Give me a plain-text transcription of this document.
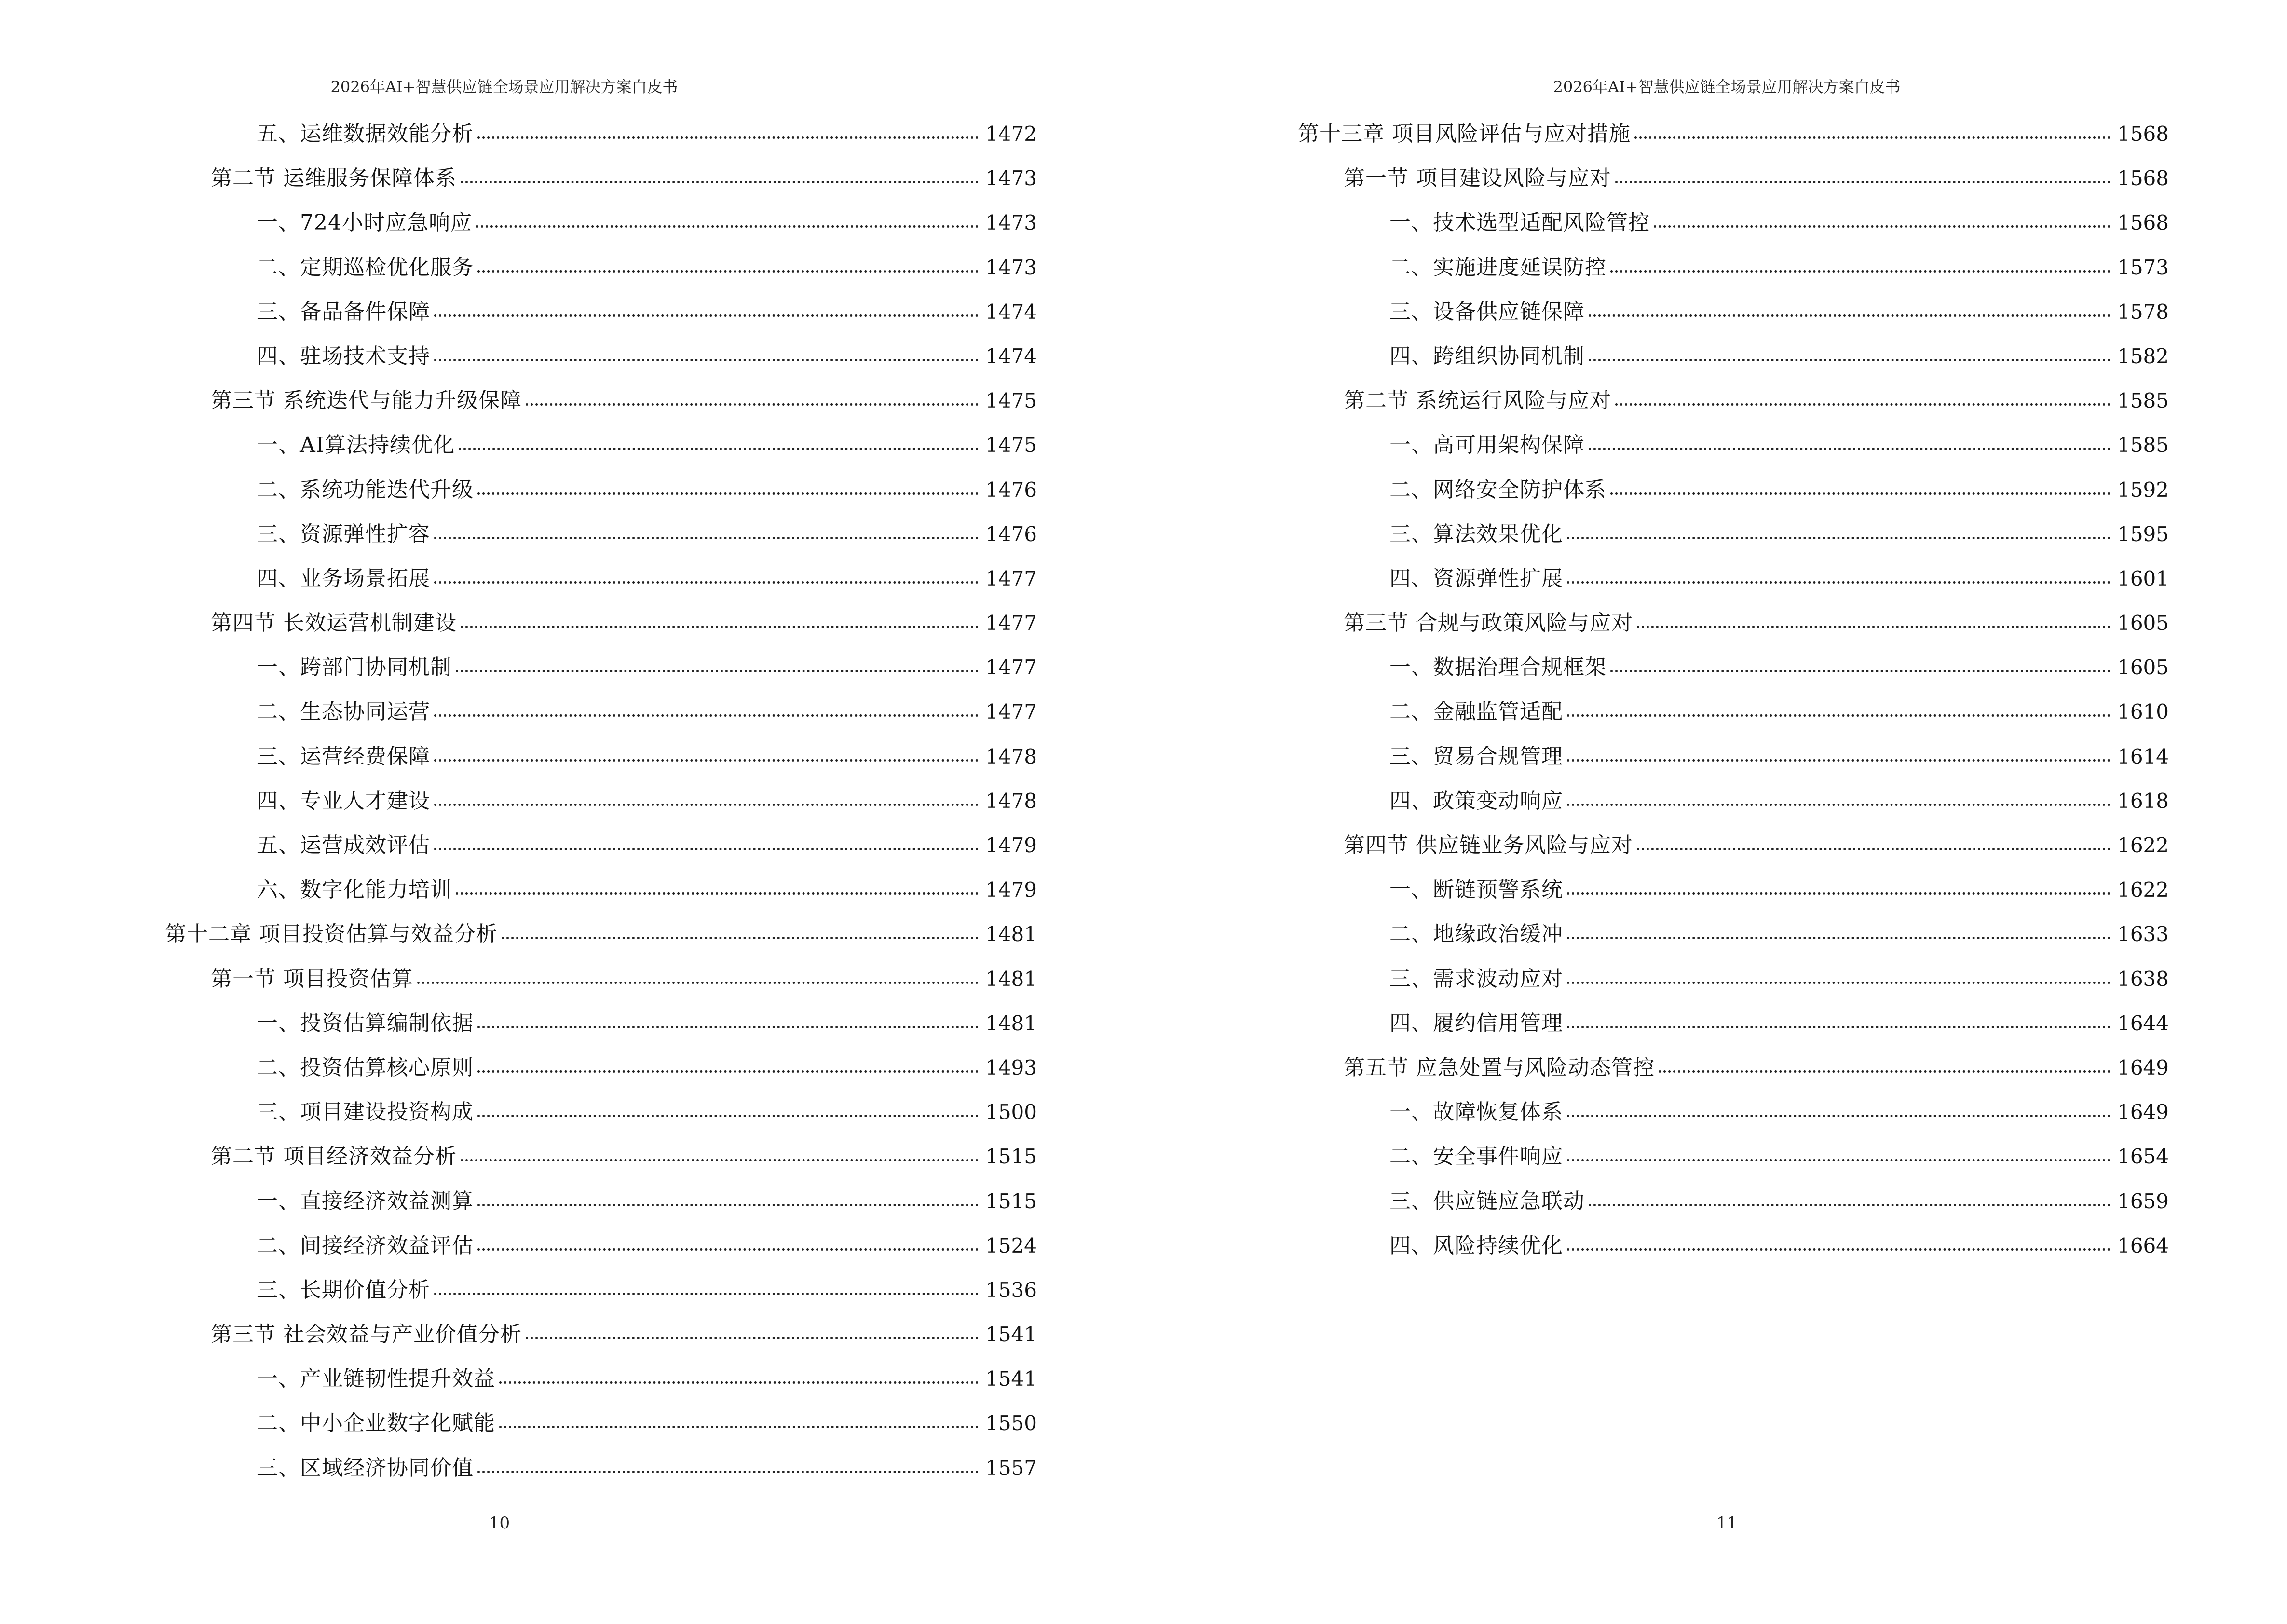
2026年AI+智慧供应链全场景应用解决方案白皮书
五、运维数据效能分析	1472
第二节 运维服务保障体系	1473
一、724小时应急响应	1473
二、定期巡检优化服务	1473
三、备品备件保障	1474
四、驻场技术支持	1474
第三节 系统迭代与能力升级保障	1475
一、AI算法持续优化	1475
二、系统功能迭代升级	1476
三、资源弹性扩容	1476
四、业务场景拓展	1477
第四节 长效运营机制建设	1477
一、跨部门协同机制	1477
二、生态协同运营	1477
三、运营经费保障	1478
四、专业人才建设	1478
五、运营成效评估	1479
六、数字化能力培训	1479
第十二章 项目投资估算与效益分析	1481
第一节 项目投资估算	1481
一、投资估算编制依据	1481
二、投资估算核心原则	1493
三、项目建设投资构成	1500
第二节 项目经济效益分析	1515
一、直接经济效益测算	1515
二、间接经济效益评估	1524
三、长期价值分析	1536
第三节 社会效益与产业价值分析	1541
一、产业链韧性提升效益	1541
二、中小企业数字化赋能	1550
三、区域经济协同价值	1557
10
2026年AI+智慧供应链全场景应用解决方案白皮书
第十三章 项目风险评估与应对措施	1568
第一节 项目建设风险与应对	1568
一、技术选型适配风险管控	1568
二、实施进度延误防控	1573
三、设备供应链保障	1578
四、跨组织协同机制	1582
第二节 系统运行风险与应对	1585
一、高可用架构保障	1585
二、网络安全防护体系	1592
三、算法效果优化	1595
四、资源弹性扩展	1601
第三节 合规与政策风险与应对	1605
一、数据治理合规框架	1605
二、金融监管适配	1610
三、贸易合规管理	1614
四、政策变动响应	1618
第四节 供应链业务风险与应对	1622
一、断链预警系统	1622
二、地缘政治缓冲	1633
三、需求波动应对	1638
四、履约信用管理	1644
第五节 应急处置与风险动态管控	1649
一、故障恢复体系	1649
二、安全事件响应	1654
三、供应链应急联动	1659
四、风险持续优化	1664
11
